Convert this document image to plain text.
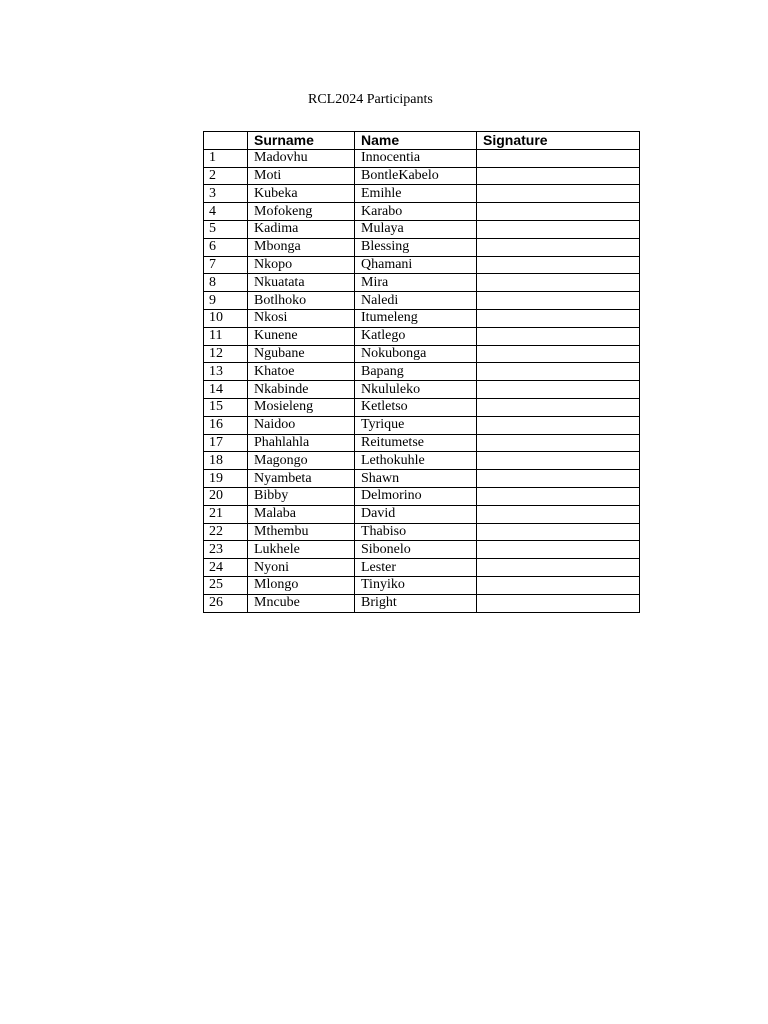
RCL2024 Participants
	Surname	Name	Signature
1	Madovhu	Innocentia	
2	Moti	BontleKabelo	
3	Kubeka	Emihle	
4	Mofokeng	Karabo	
5	Kadima	Mulaya	
6	Mbonga	Blessing	
7	Nkopo	Qhamani	
8	Nkuatata	Mira	
9	Botlhoko	Naledi	
10	Nkosi	Itumeleng	
11	Kunene	Katlego	
12	Ngubane	Nokubonga	
13	Khatoe	Bapang	
14	Nkabinde	Nkululeko	
15	Mosieleng	Ketletso	
16	Naidoo	Tyrique	
17	Phahlahla	Reitumetse	
18	Magongo	Lethokuhle	
19	Nyambeta	Shawn	
20	Bibby	Delmorino	
21	Malaba	David	
22	Mthembu	Thabiso	
23	Lukhele	Sibonelo	
24	Nyoni	Lester	
25	Mlongo	Tinyiko	
26	Mncube	Bright	
